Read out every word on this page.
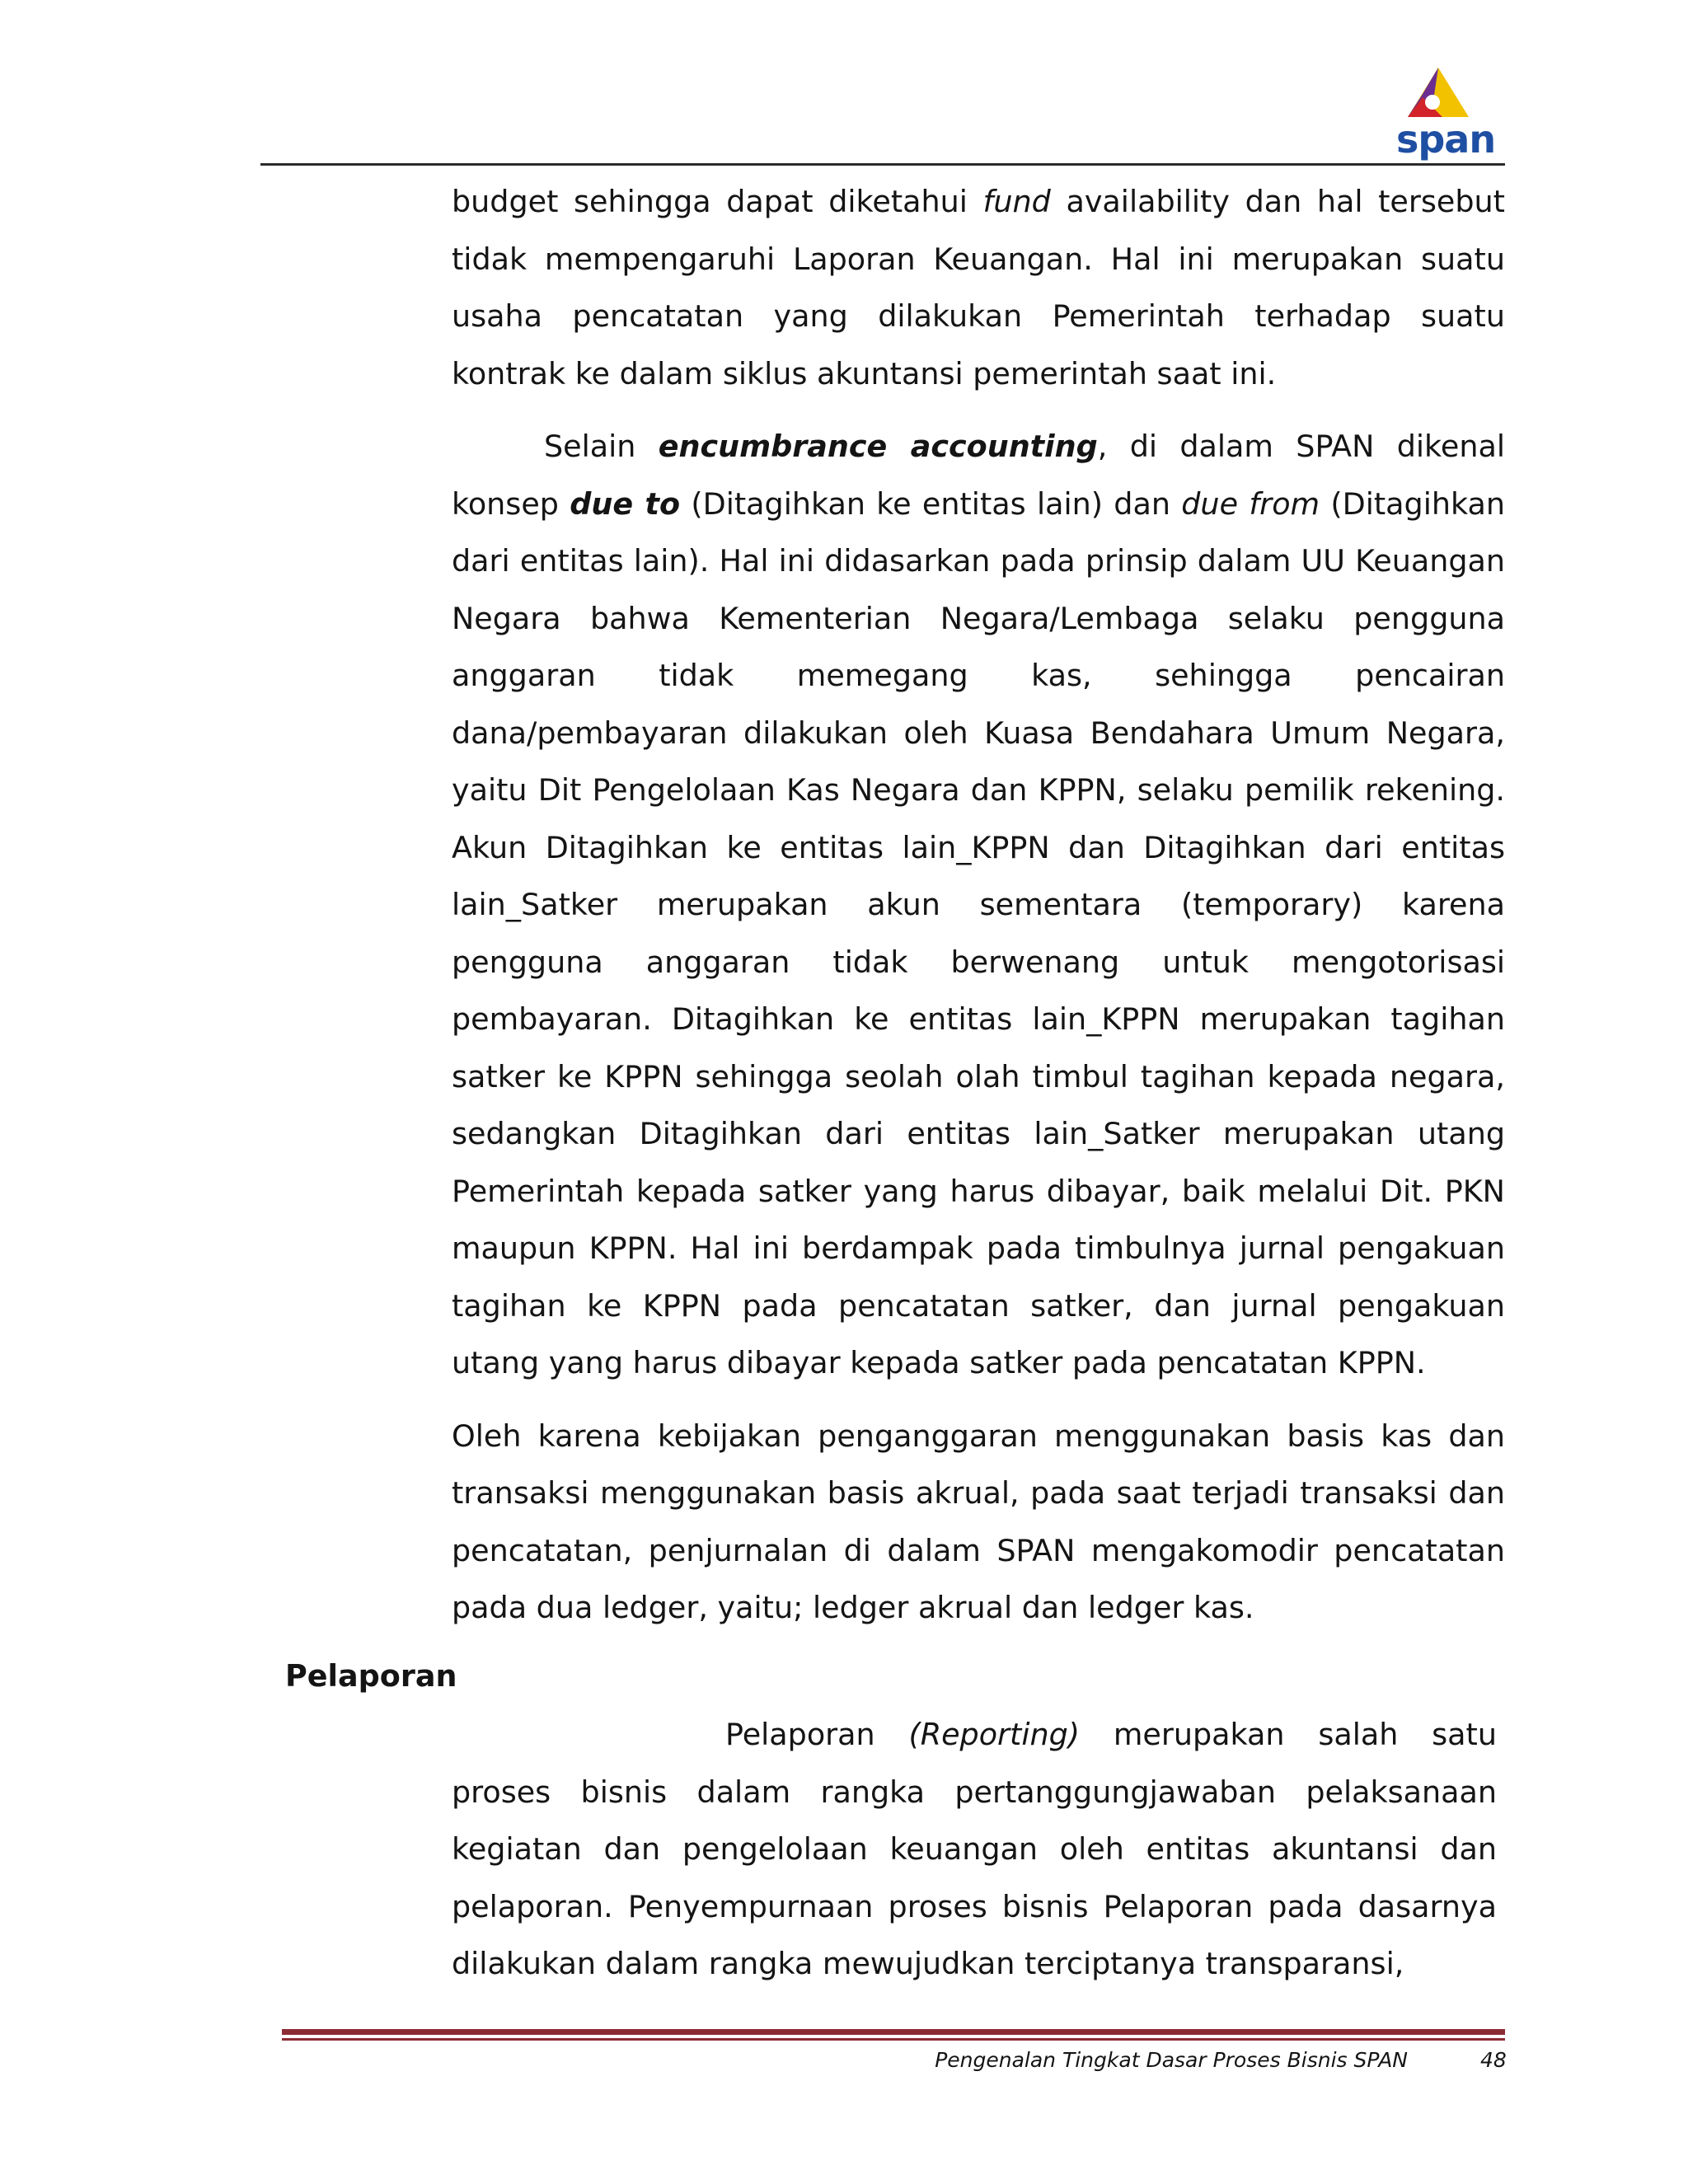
span

budget sehingga dapat diketahui fund availability dan hal tersebut tidak mempengaruhi Laporan Keuangan. Hal ini merupakan suatu usaha pencatatan yang dilakukan Pemerintah terhadap suatu kontrak ke dalam siklus akuntansi pemerintah saat ini.

Selain encumbrance accounting, di dalam SPAN dikenal konsep due to (Ditagihkan ke entitas lain) dan due from (Ditagihkan dari entitas lain). Hal ini didasarkan pada prinsip dalam UU Keuangan Negara bahwa Kementerian Negara/Lembaga selaku pengguna anggaran tidak memegang kas, sehingga pencairan dana/pembayaran dilakukan oleh Kuasa Bendahara Umum Negara, yaitu Dit Pengelolaan Kas Negara dan KPPN, selaku pemilik rekening. Akun Ditagihkan ke entitas lain_KPPN dan Ditagihkan dari entitas lain_Satker merupakan akun sementara (temporary) karena pengguna anggaran tidak berwenang untuk mengotorisasi pembayaran. Ditagihkan ke entitas lain_KPPN merupakan tagihan satker ke KPPN sehingga seolah olah timbul tagihan kepada negara, sedangkan Ditagihkan dari entitas lain_Satker merupakan utang Pemerintah kepada satker yang harus dibayar, baik melalui Dit. PKN maupun KPPN. Hal ini berdampak pada timbulnya jurnal pengakuan tagihan ke KPPN pada pencatatan satker, dan jurnal pengakuan utang yang harus dibayar kepada satker pada pencatatan KPPN.

Oleh karena kebijakan penganggaran menggunakan basis kas dan transaksi menggunakan basis akrual, pada saat terjadi transaksi dan pencatatan, penjurnalan di dalam SPAN mengakomodir pencatatan pada dua ledger, yaitu; ledger akrual dan ledger kas.

Pelaporan

Pelaporan (Reporting) merupakan salah satu proses bisnis dalam rangka pertanggungjawaban pelaksanaan kegiatan dan pengelolaan keuangan oleh entitas akuntansi dan pelaporan. Penyempurnaan proses bisnis Pelaporan pada dasarnya dilakukan dalam rangka mewujudkan terciptanya transparansi,

Pengenalan Tingkat Dasar Proses Bisnis SPAN	48
